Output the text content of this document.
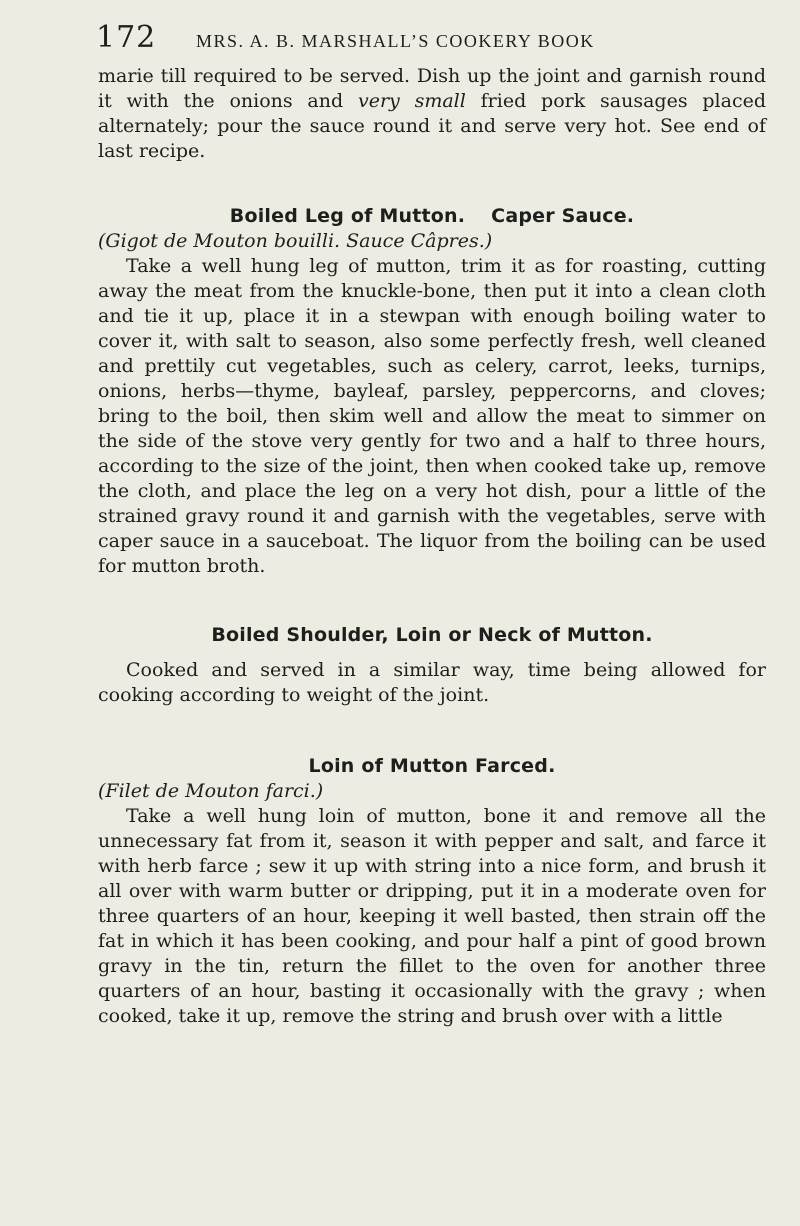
172 MRS. A. B. MARSHALL’S COOKERY BOOK

marie till required to be served. Dish up the joint and garnish round it with the onions and very small fried pork sausages placed alternately; pour the sauce round it and serve very hot. See end of last recipe.

Boiled Leg of Mutton. Caper Sauce.

(Gigot de Mouton bouilli. Sauce Câpres.)

Take a well hung leg of mutton, trim it as for roasting, cutting away the meat from the knuckle-bone, then put it into a clean cloth and tie it up, place it in a stewpan with enough boiling water to cover it, with salt to season, also some perfectly fresh, well cleaned and prettily cut vegetables, such as celery, carrot, leeks, turnips, onions, herbs—thyme, bayleaf, parsley, peppercorns, and cloves; bring to the boil, then skim well and allow the meat to simmer on the side of the stove very gently for two and a half to three hours, according to the size of the joint, then when cooked take up, remove the cloth, and place the leg on a very hot dish, pour a little of the strained gravy round it and garnish with the vegetables, serve with caper sauce in a sauceboat. The liquor from the boiling can be used for mutton broth.

Boiled Shoulder, Loin or Neck of Mutton.

Cooked and served in a similar way, time being allowed for cooking according to weight of the joint.

Loin of Mutton Farced.

(Filet de Mouton farci.)

Take a well hung loin of mutton, bone it and remove all the unnecessary fat from it, season it with pepper and salt, and farce it with herb farce ; sew it up with string into a nice form, and brush it all over with warm butter or dripping, put it in a moderate oven for three quarters of an hour, keeping it well basted, then strain off the fat in which it has been cooking, and pour half a pint of good brown gravy in the tin, return the fillet to the oven for another three quarters of an hour, basting it occasionally with the gravy ; when cooked, take it up, remove the string and brush over with a little
